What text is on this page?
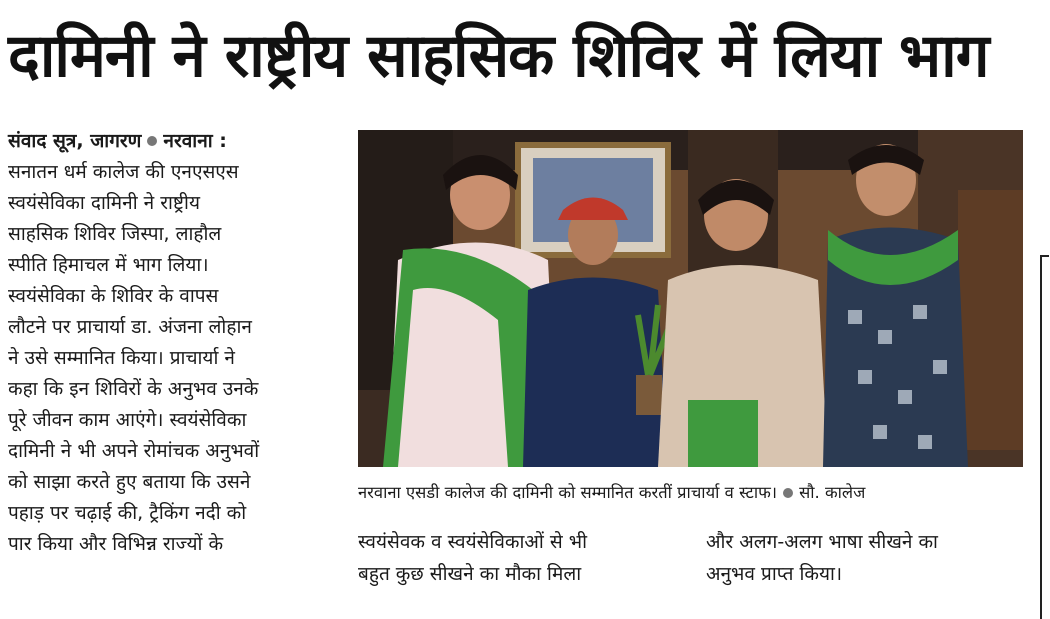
दामिनी ने राष्ट्रीय साहसिक शिविर में लिया भाग
संवाद सूत्र, जागरण नरवाना :
सनातन धर्म कालेज की एनएसएस
स्वयंसेविका दामिनी ने राष्ट्रीय
साहसिक शिविर जिस्पा, लाहौल
स्पीति हिमाचल में भाग लिया।
स्वयंसेविका के शिविर के वापस
लौटने पर प्राचार्या डा. अंजना लोहान
ने उसे सम्मानित किया। प्राचार्या ने
कहा कि इन शिविरों के अनुभव उनके
पूरे जीवन काम आएंगे। स्वयंसेविका
दामिनी ने भी अपने रोमांचक अनुभवों
को साझा करते हुए बताया कि उसने
पहाड़ पर चढ़ाई की, ट्रैकिंग नदी को
पार किया और विभिन्न राज्यों के
नरवाना एसडी कालेज की दामिनी को सम्मानित करतीं प्राचार्या व स्टाफ। सौ. कालेज
स्वयंसेवक व स्वयंसेविकाओं से भी
बहुत कुछ सीखने का मौका मिला
और अलग-अलग भाषा सीखने का
अनुभव प्राप्त किया।
